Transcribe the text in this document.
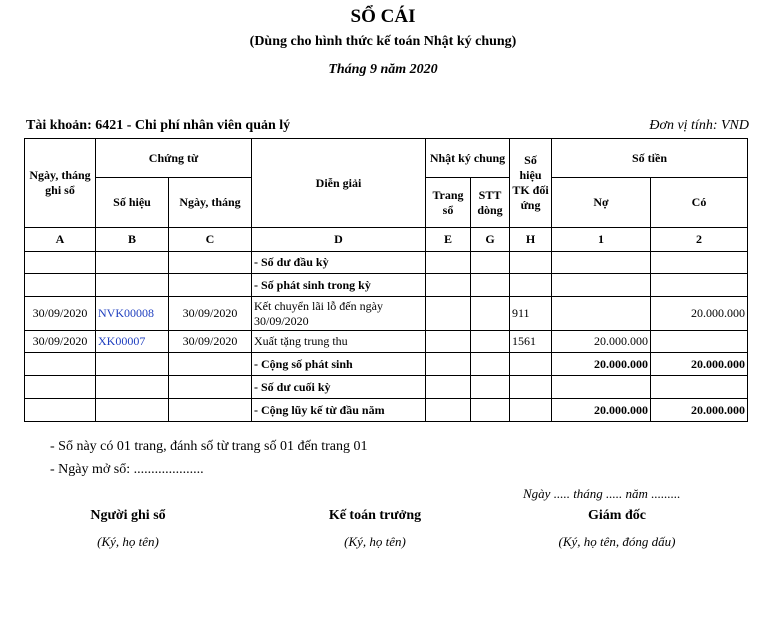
SỔ CÁI
(Dùng cho hình thức kế toán Nhật ký chung)
Tháng 9 năm 2020
Tài khoản: 6421 - Chi phí nhân viên quản lý	Đơn vị tính: VND
Ngày, tháng ghi sổ	Chứng từ		Diễn giải	Nhật ký chung		Số hiệu TK đối ứng	Số tiền	
	Số hiệu	Ngày, tháng		Trang sổ	STT dòng		Nợ	Có
A	B	C	D	E	G	H	1	2
			- Số dư đầu kỳ					
			- Số phát sinh trong kỳ					
30/09/2020	NVK00008	30/09/2020	Kết chuyển lãi lỗ đến ngày 30/09/2020			911		20.000.000
30/09/2020	XK00007	30/09/2020	Xuất tặng trung thu			1561	20.000.000	
			- Cộng số phát sinh				20.000.000	20.000.000
			- Số dư cuối kỳ					
			- Cộng lũy kế từ đầu năm				20.000.000	20.000.000
- Sổ này có 01 trang, đánh số từ trang số 01 đến trang 01
- Ngày mở sổ: ....................
Ngày ..... tháng ..... năm .........
Người ghi sổ
(Ký, họ tên)
Kế toán trưởng
(Ký, họ tên)
Giám đốc
(Ký, họ tên, đóng dấu)
